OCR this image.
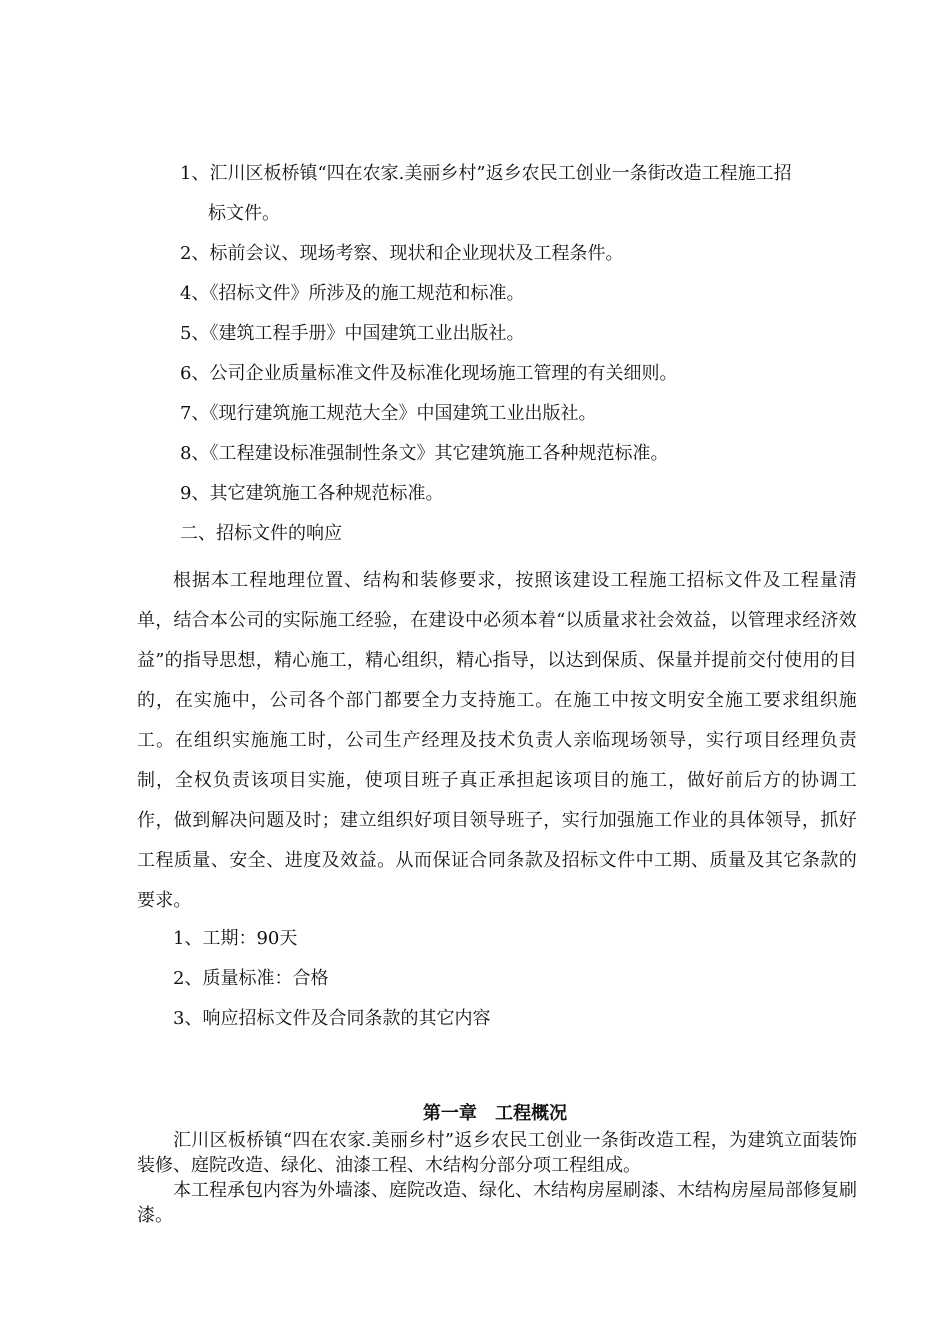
1、汇川区板桥镇“四在农家.美丽乡村”返乡农民工创业一条街改造工程施工招
标文件。
2、标前会议、现场考察、现状和企业现状及工程条件。
4、《招标文件》所涉及的施工规范和标准。
5、《建筑工程手册》中国建筑工业出版社。
6、公司企业质量标准文件及标准化现场施工管理的有关细则。
7、《现行建筑施工规范大全》中国建筑工业出版社。
8、《工程建设标准强制性条文》其它建筑施工各种规范标准。
9、其它建筑施工各种规范标准。
二、招标文件的响应
根据本工程地理位置、结构和装修要求，按照该建设工程施工招标文件及工程量清单，结合本公司的实际施工经验，在建设中必须本着“以质量求社会效益，以管理求经济效益”的指导思想，精心施工，精心组织，精心指导，以达到保质、保量并提前交付使用的目的，在实施中，公司各个部门都要全力支持施工。在施工中按文明安全施工要求组织施工。在组织实施施工时，公司生产经理及技术负责人亲临现场领导，实行项目经理负责制，全权负责该项目实施，使项目班子真正承担起该项目的施工，做好前后方的协调工作，做到解决问题及时；建立组织好项目领导班子，实行加强施工作业的具体领导，抓好工程质量、安全、进度及效益。从而保证合同条款及招标文件中工期、质量及其它条款的要求。
1、工期：90天
2、质量标准：合格
3、响应招标文件及合同条款的其它内容
第一章 工程概况
汇川区板桥镇“四在农家.美丽乡村”返乡农民工创业一条街改造工程，为建筑立面装饰装修、庭院改造、绿化、油漆工程、木结构分部分项工程组成。
本工程承包内容为外墙漆、庭院改造、绿化、木结构房屋刷漆、木结构房屋局部修复刷漆。
